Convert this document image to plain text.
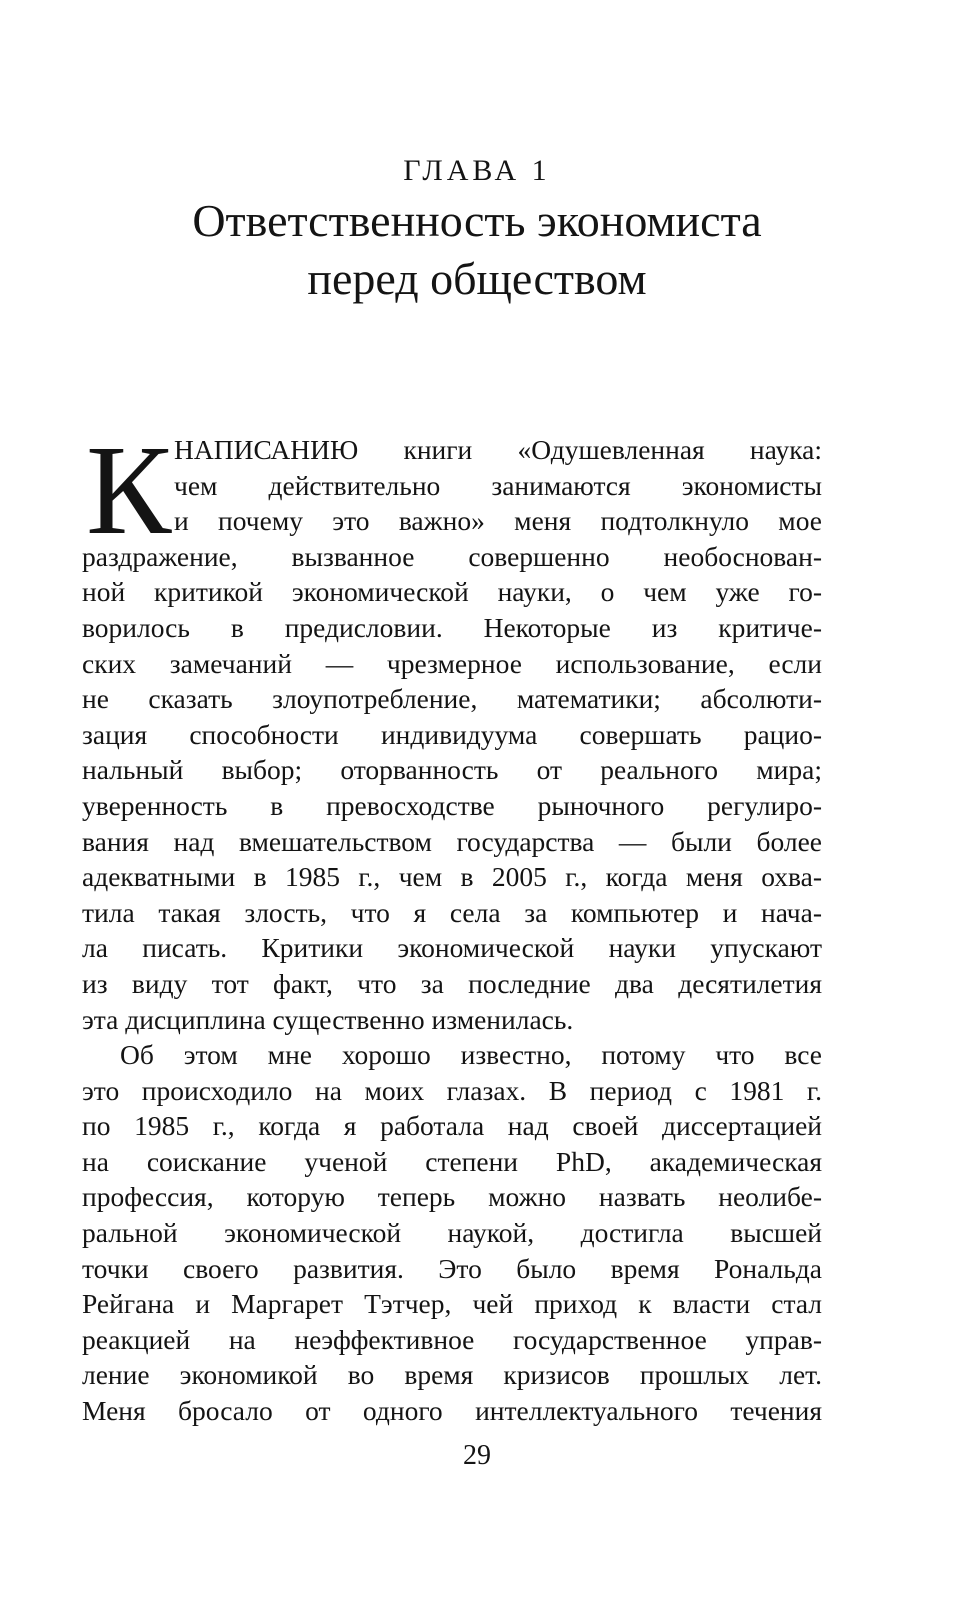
ГЛАВА 1
Ответственность экономиста
перед обществом
К НАПИСАНИЮ книги «Одушевленная наука:
чем действительно занимаются экономисты
и почему это важно» меня подтолкнуло мое
раздражение, вызванное совершенно необоснован-
ной критикой экономической науки, о чем уже го-
ворилось в предисловии. Некоторые из критиче-
ских замечаний — чрезмерное использование, если
не сказать злоупотребление, математики; абсолюти-
зация способности индивидуума совершать рацио-
нальный выбор; оторванность от реального мира;
уверенность в превосходстве рыночного регулиро-
вания над вмешательством государства — были более
адекватными в 1985 г., чем в 2005 г., когда меня охва-
тила такая злость, что я села за компьютер и нача-
ла писать. Критики экономической науки упускают
из виду тот факт, что за последние два десятилетия
эта дисциплина существенно изменилась.
Об этом мне хорошо известно, потому что все
это происходило на моих глазах. В период с 1981 г.
по 1985 г., когда я работала над своей диссертацией
на соискание ученой степени PhD, академическая
профессия, которую теперь можно назвать неолибе-
ральной экономической наукой, достигла высшей
точки своего развития. Это было время Рональда
Рейгана и Маргарет Тэтчер, чей приход к власти стал
реакцией на неэффективное государственное управ-
ление экономикой во время кризисов прошлых лет.
Меня бросало от одного интеллектуального течения
29
